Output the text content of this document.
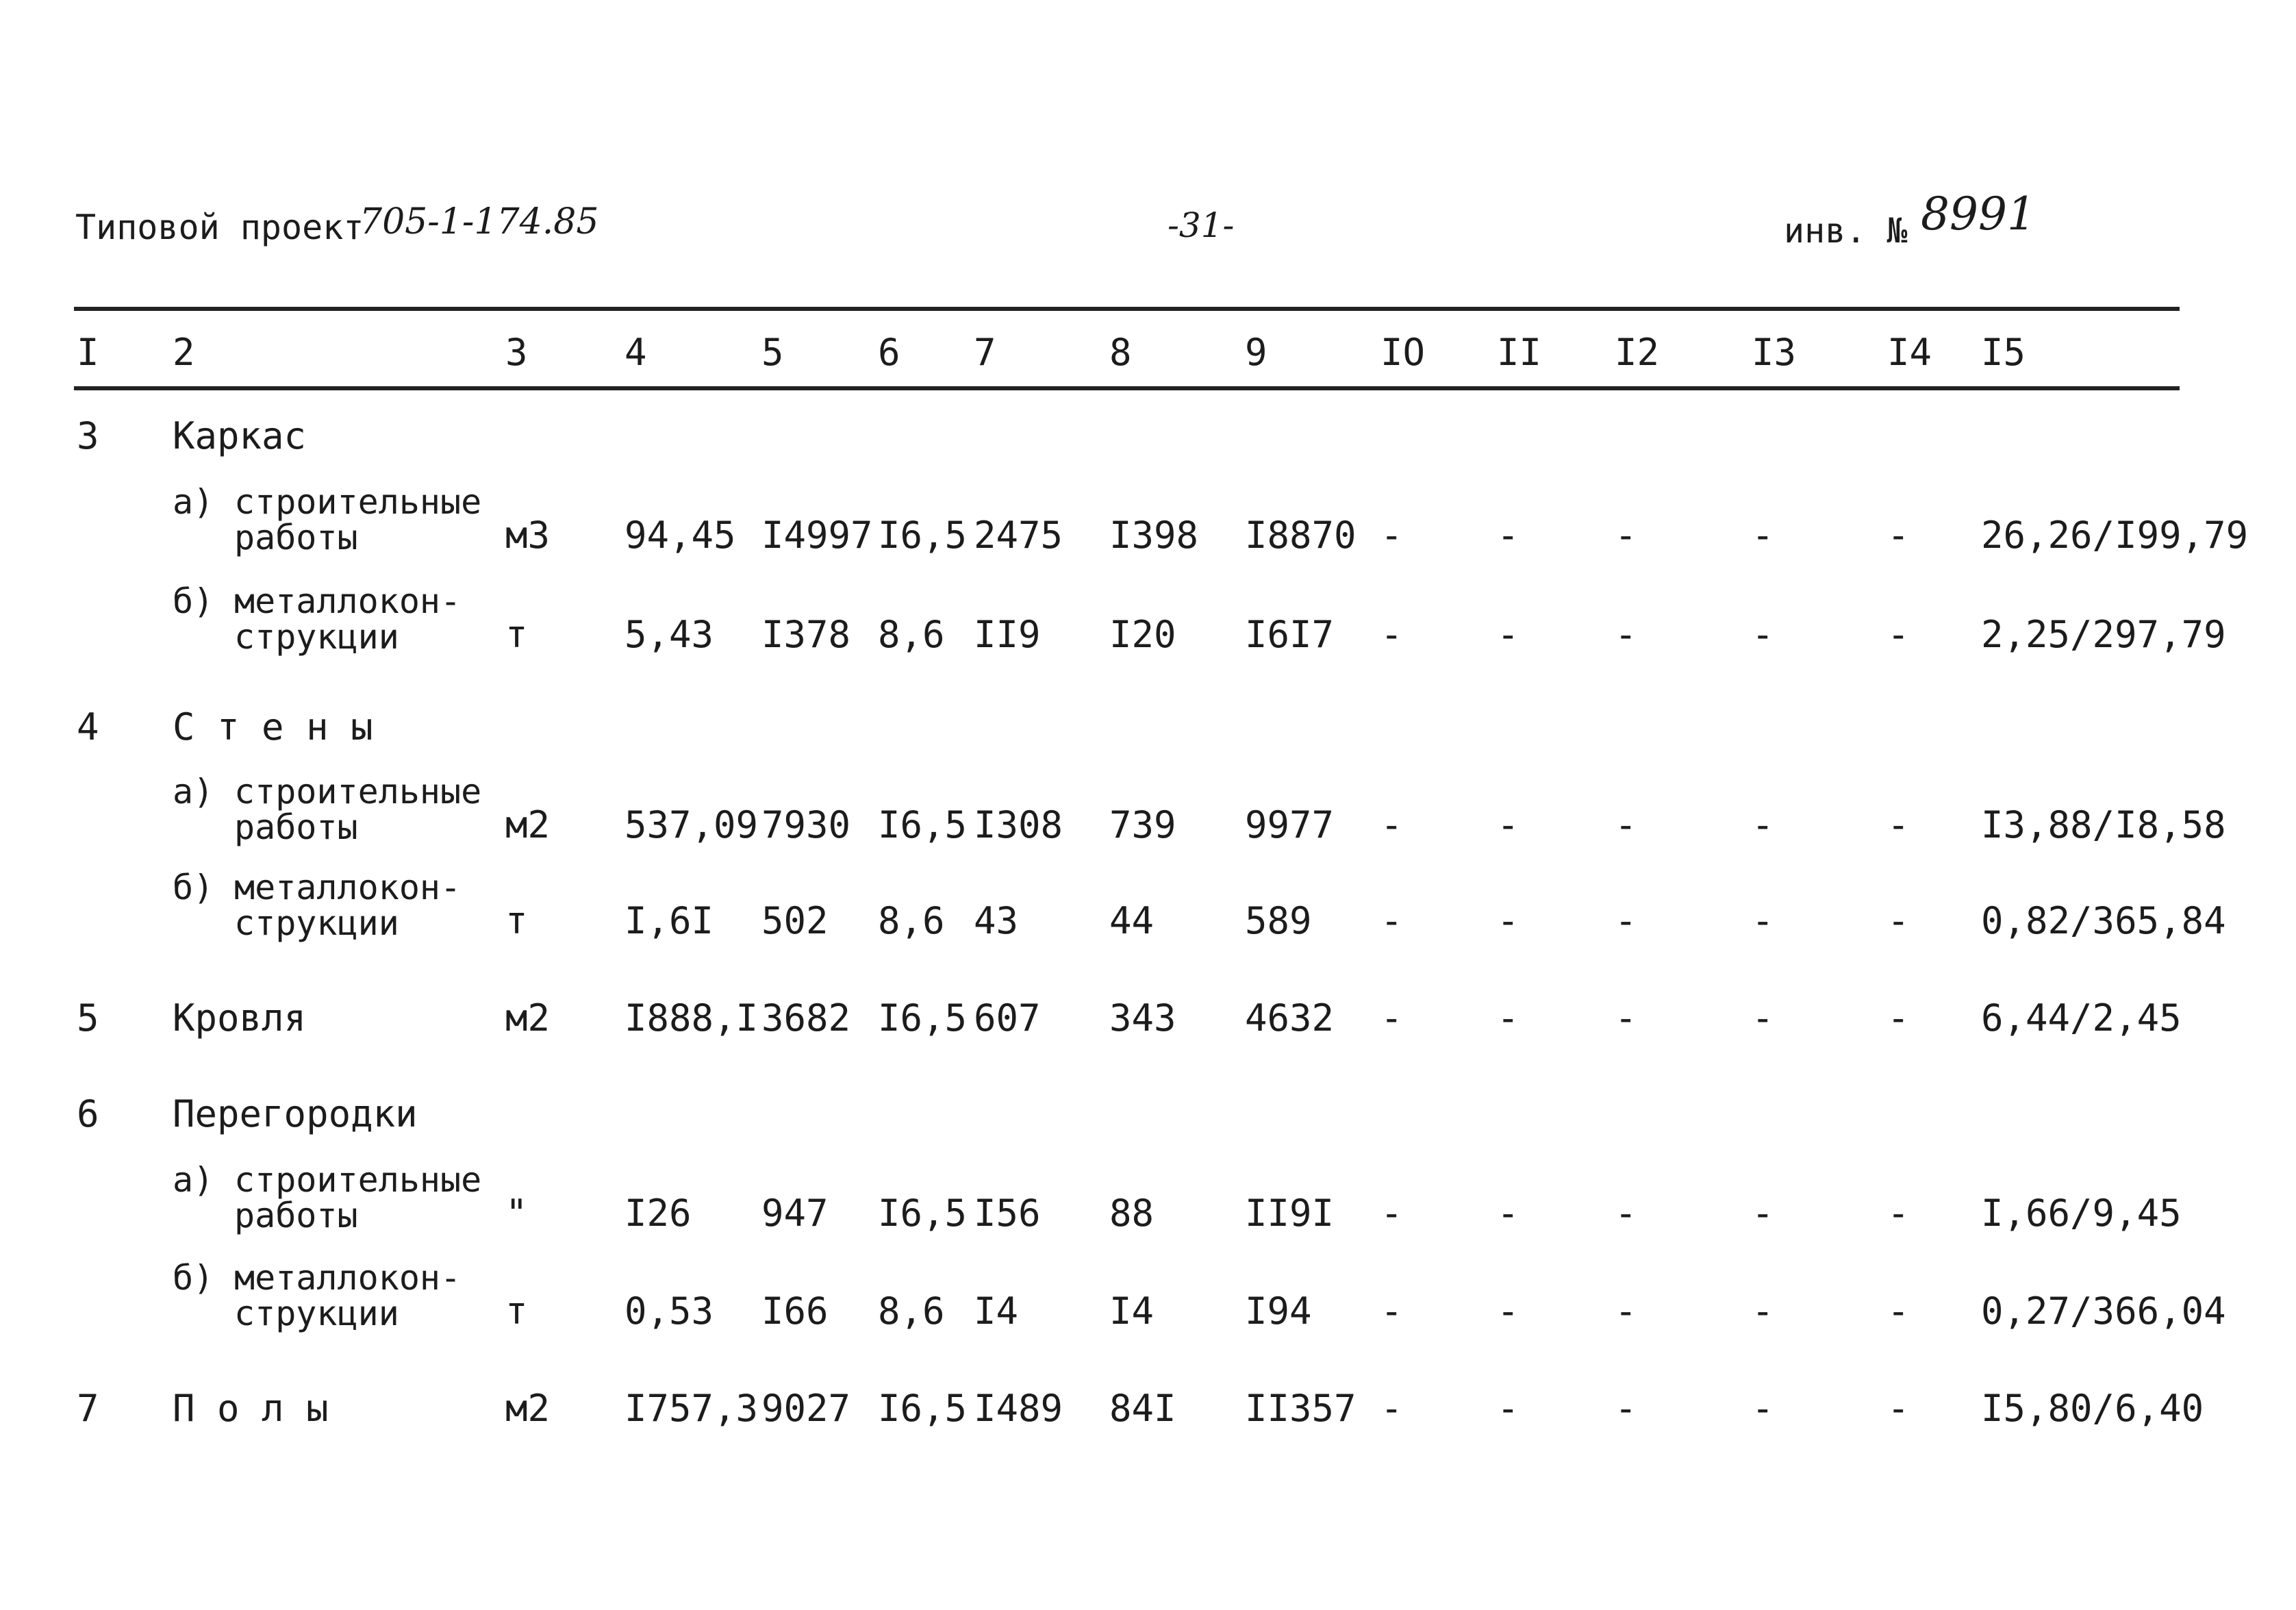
Типовой проект
705-1-174.85	-31-	инв. № 8991
I 2	3	4	5	6 7	8	9	IO II I2 I3 I4 I5
3 Каркас
а) строительные
работы	м3 94,45 I4997 I6,5 2475 I398 I8870 -	-	-	-	- 26,26/I99,79
б) металлокон-
струкции	т	5,43 I378 8,6 II9 I20 I6I7 -	-	-	-	- 2,25/297,79
4 С т е н ы
а) строительные
работы	м2 537,09 7930 I6,5 I308 739 9977 -	-	-	-	- I3,88/I8,58
б) металлокон-
струкции	т	I,6I 502 8,6 43 44 589 -	-	-	-	- 0,82/365,84
5 Кровля	м2 I888,I 3682 I6,5 607 343 4632 -	-	-	-	- 6,44/2,45
6 Перегородки
а) строительные
работы	"	I26 947 I6,5 I56 88 II9I -	-	-	-	- I,66/9,45
б) металлокон-
струкции	т	0,53 I66 8,6 I4 I4 I94 -	-	-	-	- 0,27/366,04
7 П о л ы	м2 I757,3 9027 I6,5 I489 84I II357 -	-	-	-	- I5,80/6,40
